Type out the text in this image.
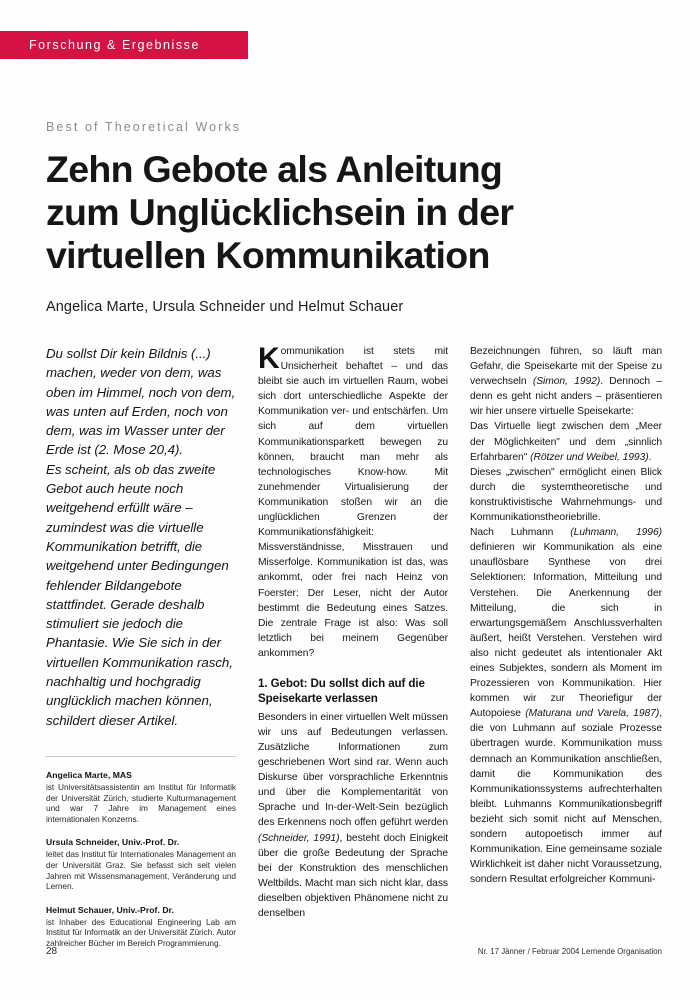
Forschung & Ergebnisse
Best of Theoretical Works
Zehn Gebote als Anleitung
zum Unglücklichsein in der
virtuellen Kommunikation
Angelica Marte, Ursula Schneider und Helmut Schauer

Du sollst Dir kein Bildnis (...) machen, weder von dem, was oben im Himmel, noch von dem, was unten auf Erden, noch von dem, was im Wasser unter der Erde ist (2. Mose 20,4).

Es scheint, als ob das zweite Gebot auch heute noch weitgehend erfüllt wäre – zumindest was die virtuelle Kommunikation betrifft, die weitgehend unter Bedingungen fehlender Bildangebote stattfindet. Gerade deshalb stimuliert sie jedoch die Phantasie. Wie Sie sich in der virtuellen Kommunikation rasch, nachhaltig und hochgradig unglücklich machen können, schildert dieser Artikel.

Angelica Marte, MAS
ist Universitätsassistentin am Institut für Informatik der Universität Zürich, studierte Kulturmanagement und war 7 Jahre im Management eines internationalen Konzerns.
Ursula Schneider, Univ.-Prof. Dr.
leitet das Institut für Internationales Management an der Universität Graz. Sie befasst sich seit vielen Jahren mit Wissensmanagement, Veränderung und Lernen.
Helmut Schauer, Univ.-Prof. Dr.
ist Inhaber des Educational Engineering Lab am Institut für Informatik an der Universität Zürich. Autor zahlreicher Bücher im Bereich Programmierung.

Kommunikation ist stets mit Unsicherheit behaftet – und das bleibt sie auch im virtuellen Raum, wobei sich dort unterschiedliche Aspekte der Kommunikation ver- und entschärfen. Um sich auf dem virtuellen Kommunikationsparkett bewegen zu können, braucht man mehr als technologisches Know-how. Mit zunehmender Virtualisierung der Kommunikation stoßen wir an die unglücklichen Grenzen der Kommunikationsfähigkeit: Missverständnisse, Misstrauen und Misserfolge. Kommunikation ist das, was ankommt, oder frei nach Heinz von Foerster: Der Leser, nicht der Autor bestimmt die Bedeutung eines Satzes. Die zentrale Frage ist also: Was soll letztlich bei meinem Gegenüber ankommen?

1. Gebot: Du sollst dich auf die Speisekarte verlassen

Besonders in einer virtuellen Welt müssen wir uns auf Bedeutungen verlassen. Zusätzliche Informationen zum geschriebenen Wort sind rar. Wenn auch Diskurse über vorsprachliche Erkenntnis und über die Komplementarität von Sprache und In-der-Welt-Sein bezüglich des Erkennens noch offen geführt werden (Schneider, 1991), besteht doch Einigkeit über die große Bedeutung der Sprache bei der Konstruktion des menschlichen Weltbilds. Macht man sich nicht klar, dass dieselben objektiven Phänomene nicht zu denselben

Bezeichnungen führen, so läuft man Gefahr, die Speisekarte mit der Speise zu verwechseln (Simon, 1992). Dennoch – denn es geht nicht anders – präsentieren wir hier unsere virtuelle Speisekarte:

Das Virtuelle liegt zwischen dem „Meer der Möglichkeiten" und dem „sinnlich Erfahrbaren" (Rötzer und Weibel, 1993).

Dieses „zwischen" ermöglicht einen Blick durch die systemtheoretische und konstruktivistische Wahrnehmungs- und Kommunikationstheoriebrille.

Nach Luhmann (Luhmann, 1996) definieren wir Kommunikation als eine unauflösbare Synthese von drei Selektionen: Information, Mitteilung und Verstehen. Die Anerkennung der Mitteilung, die sich in erwartungsgemäßem Anschlussverhalten äußert, heißt Verstehen. Verstehen wird also nicht gedeutet als intentionaler Akt eines Subjektes, sondern als Moment im Prozessieren von Kommunikation. Hier kommen wir zur Theoriefigur der Autopoiese (Maturana und Varela, 1987), die von Luhmann auf soziale Prozesse übertragen wurde. Kommunikation muss demnach an Kommunikation anschließen, damit die Kommunikation des Kommunikationssystems aufrechterhalten bleibt. Luhmanns Kommunikationsbegriff bezieht sich somit nicht auf Menschen, sondern autopoetisch immer auf Kommunikation. Eine gemeinsame soziale Wirklichkeit ist daher nicht Voraussetzung, sondern Resultat erfolgreicher Kommuni-

28	Nr. 17 Jänner / Februar 2004 Lernende Organisation
